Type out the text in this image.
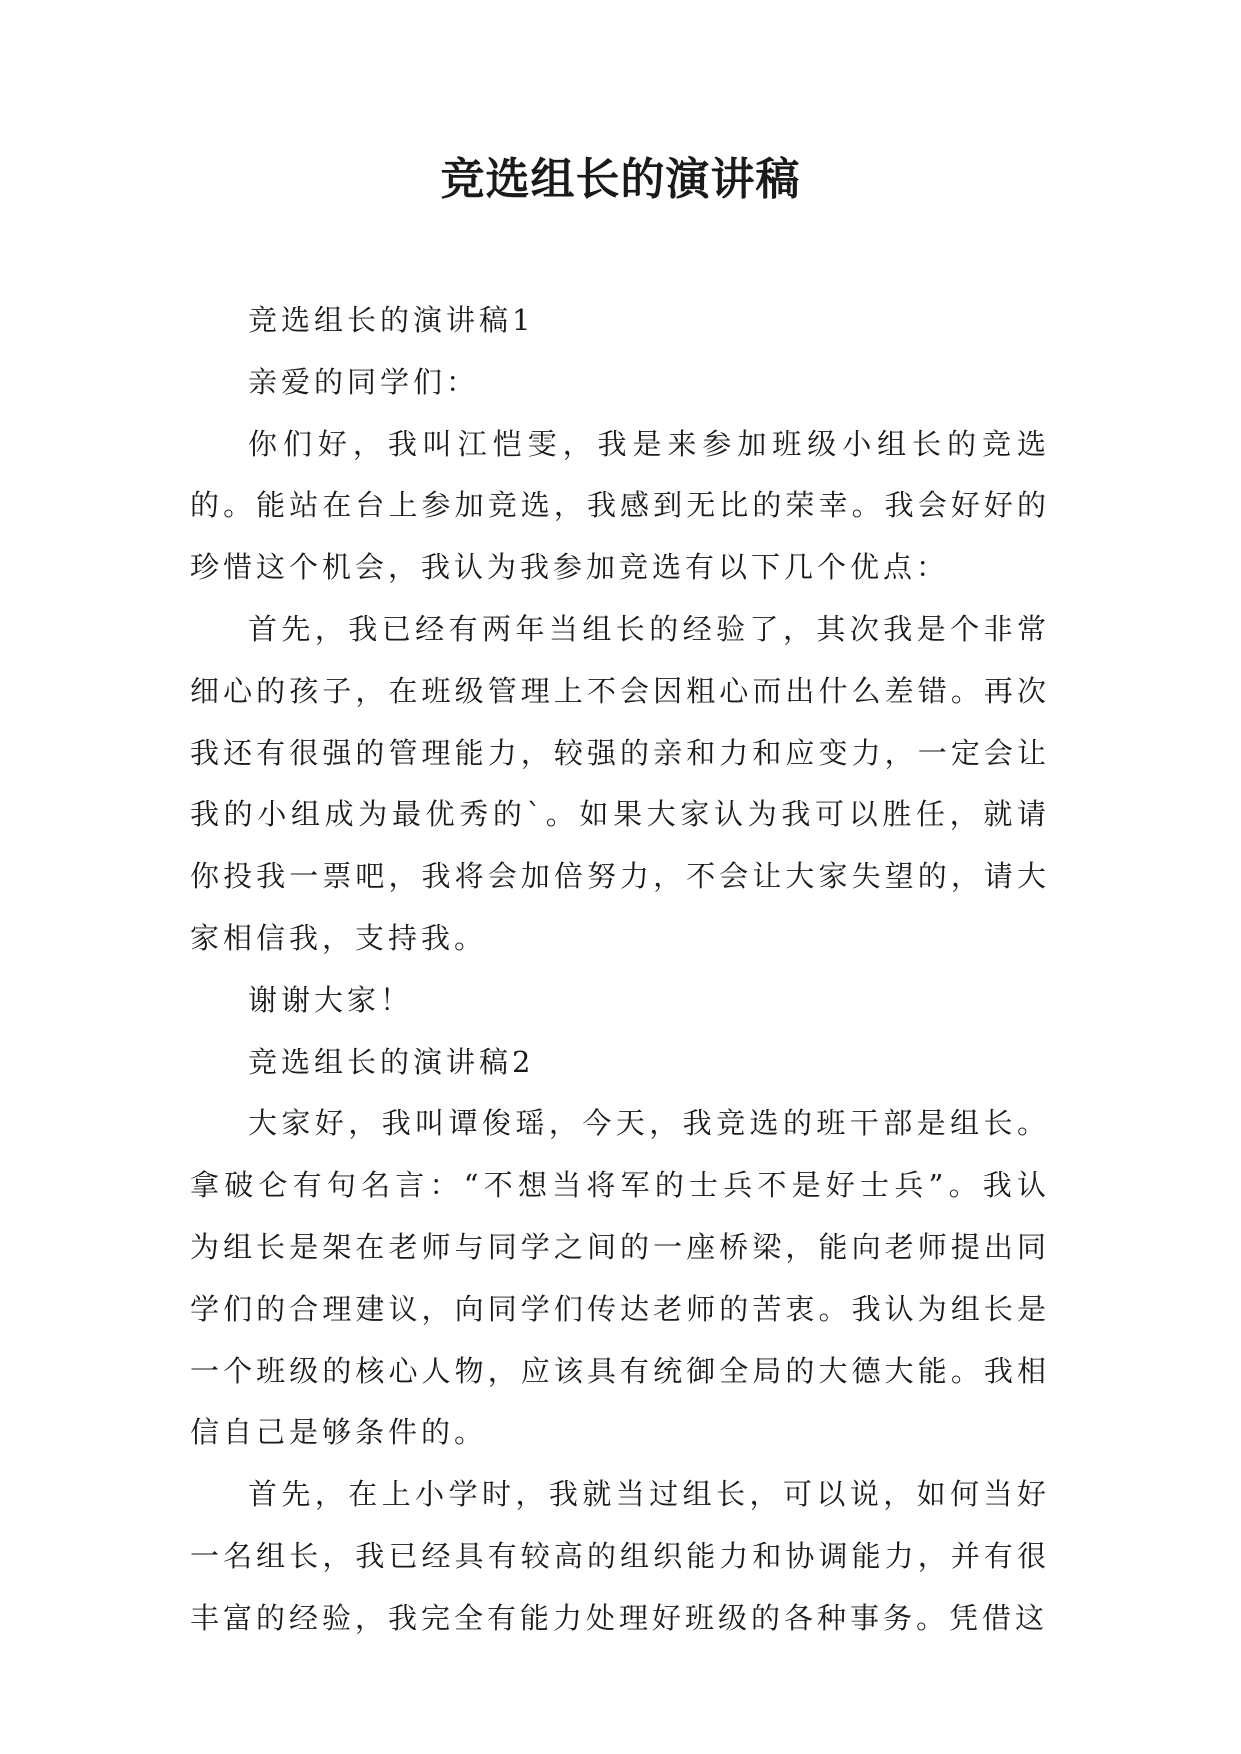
竞选组长的演讲稿

竞选组长的演讲稿1

亲爱的同学们：

你们好，我叫江恺雯，我是来参加班级小组长的竞选的。能站在台上参加竞选，我感到无比的荣幸。我会好好的珍惜这个机会，我认为我参加竞选有以下几个优点：

首先，我已经有两年当组长的经验了，其次我是个非常细心的孩子，在班级管理上不会因粗心而出什么差错。再次我还有很强的管理能力，较强的亲和力和应变力，一定会让我的小组成为最优秀的`。如果大家认为我可以胜任，就请你投我一票吧，我将会加倍努力，不会让大家失望的，请大家相信我，支持我。

谢谢大家！

竞选组长的演讲稿2

大家好，我叫谭俊瑶，今天，我竞选的班干部是组长。拿破仑有句名言：“不想当将军的士兵不是好士兵”。我认为组长是架在老师与同学之间的一座桥梁，能向老师提出同学们的合理建议，向同学们传达老师的苦衷。我认为组长是一个班级的核心人物，应该具有统御全局的大德大能。我相信自己是够条件的。

首先，在上小学时，我就当过组长，可以说，如何当好一名组长，我已经具有较高的组织能力和协调能力，并有很丰富的经验，我完全有能力处理好班级的各种事务。凭借这
